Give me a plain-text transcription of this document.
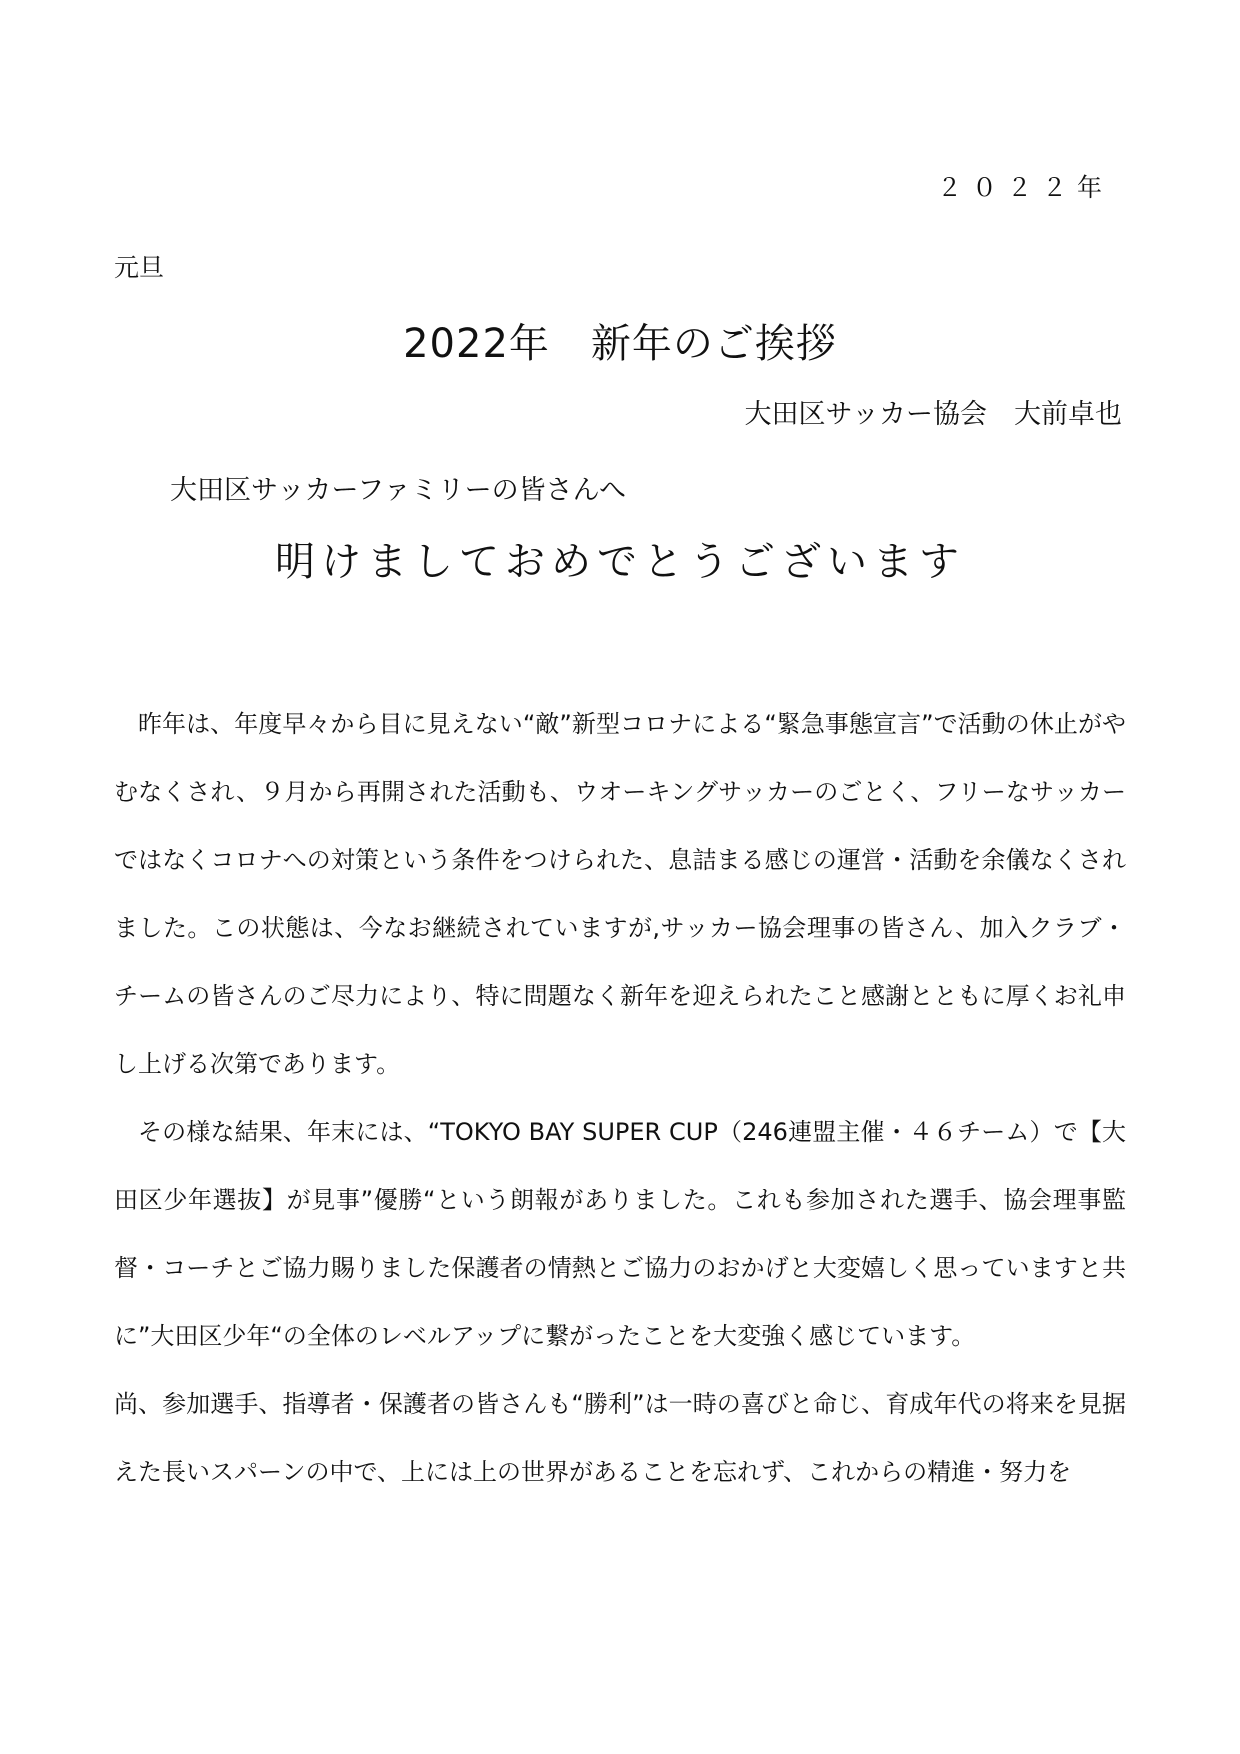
２０２２年
元旦
2022年　新年のご挨拶
大田区サッカー協会　大前卓也
大田区サッカーファミリーの皆さんへ
明けましておめでとうございます

昨年は、年度早々から目に見えない“敵”新型コロナによる“緊急事態宣言”で活動の休止がやむなくされ、９月から再開された活動も、ウオーキングサッカーのごとく、フリーなサッカーではなくコロナへの対策という条件をつけられた、息詰まる感じの運営・活動を余儀なくされました。この状態は、今なお継続されていますが,サッカー協会理事の皆さん、加入クラブ・チームの皆さんのご尽力により、特に問題なく新年を迎えられたこと感謝とともに厚くお礼申し上げる次第であります。

その様な結果、年末には、“TOKYO BAY SUPER CUP（246連盟主催・４６チーム）で【大田区少年選抜】が見事”優勝“という朗報がありました。これも参加された選手、協会理事監督・コーチとご協力賜りました保護者の情熱とご協力のおかげと大変嬉しく思っていますと共に”大田区少年“の全体のレベルアップに繋がったことを大変強く感じています。

尚、参加選手、指導者・保護者の皆さんも“勝利”は一時の喜びと命じ、育成年代の将来を見据えた長いスパーンの中で、上には上の世界があることを忘れず、これからの精進・努力を
